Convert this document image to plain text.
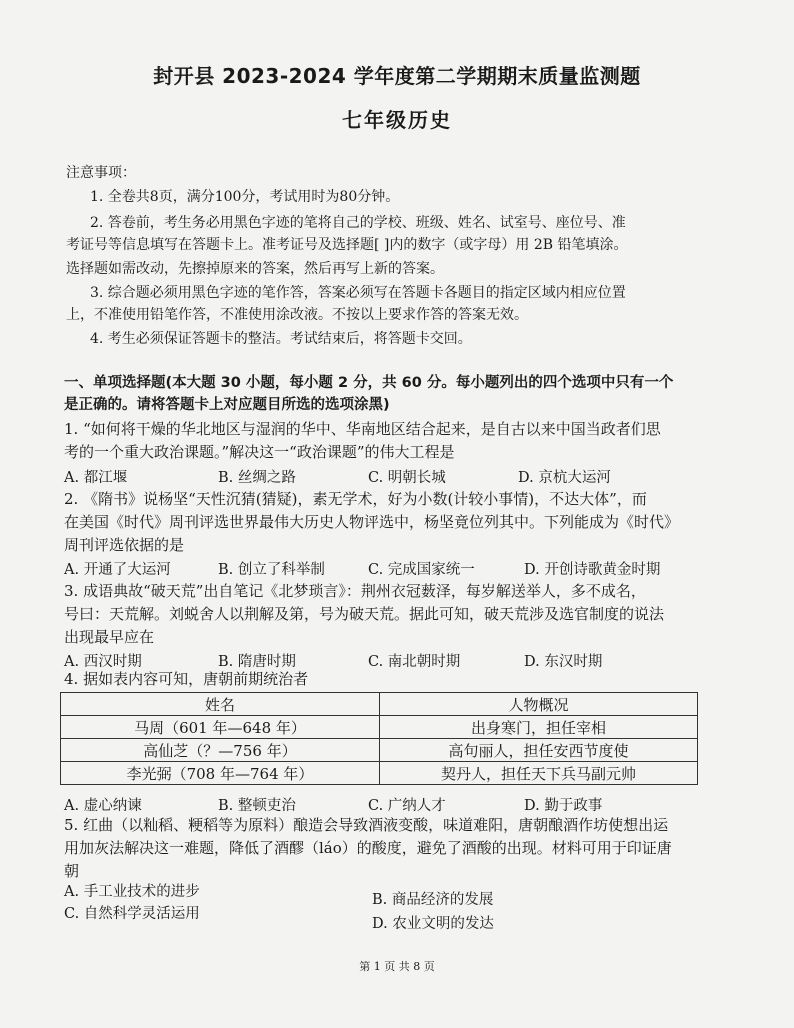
封开县 2023-2024 学年度第二学期期末质量监测题
七年级历史
注意事项：
1. 全卷共8页，满分100分，考试用时为80分钟。
2. 答卷前，考生务必用黑色字迹的笔将自己的学校、班级、姓名、试室号、座位号、准
考证号等信息填写在答题卡上。准考证号及选择题[ ]内的数字（或字母）用 2B 铅笔填涂。
选择题如需改动，先擦掉原来的答案，然后再写上新的答案。
3. 综合题必须用黑色字迹的笔作答，答案必须写在答题卡各题目的指定区域内相应位置
上，不准使用铅笔作答，不准使用涂改液。不按以上要求作答的答案无效。
4. 考生必须保证答题卡的整洁。考试结束后，将答题卡交回。
一、单项选择题(本大题 30 小题，每小题 2 分，共 60 分。每小题列出的四个选项中只有一个
是正确的。请将答题卡上对应题目所选的选项涂黑)
1. “如何将干燥的华北地区与湿润的华中、华南地区结合起来，是自古以来中国当政者们思
考的一个重大政治课题。”解决这一“政治课题”的伟大工程是
A. 都江堰	B. 丝绸之路	C. 明朝长城	D. 京杭大运河
2. 《隋书》说杨坚“天性沉猜(猜疑)，素无学术，好为小数(计较小事情)，不达大体”，而
在美国《时代》周刊评选世界最伟大历史人物评选中，杨坚竟位列其中。下列能成为《时代》
周刊评选依据的是
A. 开通了大运河	B. 创立了科举制	C. 完成国家统一	D. 开创诗歌黄金时期
3. 成语典故“破天荒”出自笔记《北梦琐言》：荆州衣冠薮泽，每岁解送举人，多不成名，
号曰：天荒解。刘蜕舍人以荆解及第，号为破天荒。据此可知，破天荒涉及选官制度的说法
出现最早应在
A. 西汉时期	B. 隋唐时期	C. 南北朝时期	D. 东汉时期
4. 据如表内容可知，唐朝前期统治者
姓名	人物概况
马周（601 年—648 年）	出身寒门，担任宰相
高仙芝（？—756 年）	高句丽人，担任安西节度使
李光弼（708 年—764 年）	契丹人，担任天下兵马副元帅
A. 虚心纳谏	B. 整顿吏治	C. 广纳人才	D. 勤于政事
5. 红曲（以籼稻、粳稻等为原料）酿造会导致酒液变酸，味道难阳，唐朝酿酒作坊使想出运
用加灰法解决这一难题，降低了酒醪（láo）的酸度，避免了酒酸的出现。材料可用于印证唐
朝
A. 手工业技术的进步	B. 商品经济的发展
C. 自然科学灵活运用
D. 农业文明的发达
第 1 页 共 8 页
